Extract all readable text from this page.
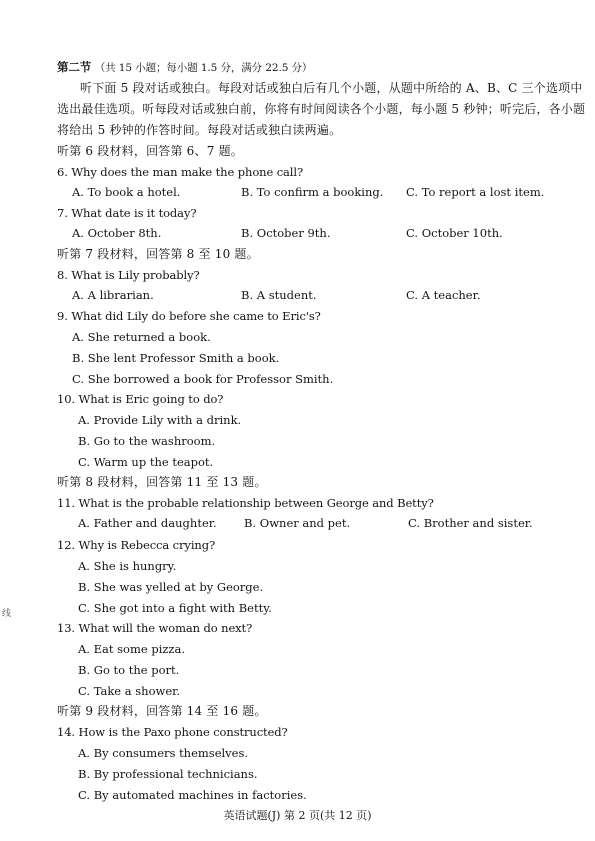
第二节 （共 15 小题；每小题 1.5 分，满分 22.5 分）
听下面 5 段对话或独白。每段对话或独白后有几个小题，从题中所给的 A、B、C 三个选项中
选出最佳选项。听每段对话或独白前，你将有时间阅读各个小题，每小题 5 秒钟；听完后，各小题
将给出 5 秒钟的作答时间。每段对话或独白读两遍。
听第 6 段材料，回答第 6、7 题。
6. Why does the man make the phone call?
A. To book a hotel.	B. To confirm a booking. C. To report a lost item.
7. What date is it today?
A. October 8th.	B. October 9th.	C. October 10th.
听第 7 段材料，回答第 8 至 10 题。
8. What is Lily probably?
A. A librarian.	B. A student.	C. A teacher.
9. What did Lily do before she came to Eric's?
A. She returned a book.
B. She lent Professor Smith a book.
C. She borrowed a book for Professor Smith.
10. What is Eric going to do?
A. Provide Lily with a drink.
B. Go to the washroom.
C. Warm up the teapot.
听第 8 段材料，回答第 11 至 13 题。
11. What is the probable relationship between George and Betty?
A. Father and daughter. B. Owner and pet.	C. Brother and sister.
12. Why is Rebecca crying?
A. She is hungry.
B. She was yelled at by George.
C. She got into a fight with Betty.
13. What will the woman do next?
A. Eat some pizza.
B. Go to the port.
C. Take a shower.
听第 9 段材料，回答第 14 至 16 题。
14. How is the Paxo phone constructed?
A. By consumers themselves.
B. By professional technicians.
C. By automated machines in factories.
线
英语试题(J) 第 2 页(共 12 页)
